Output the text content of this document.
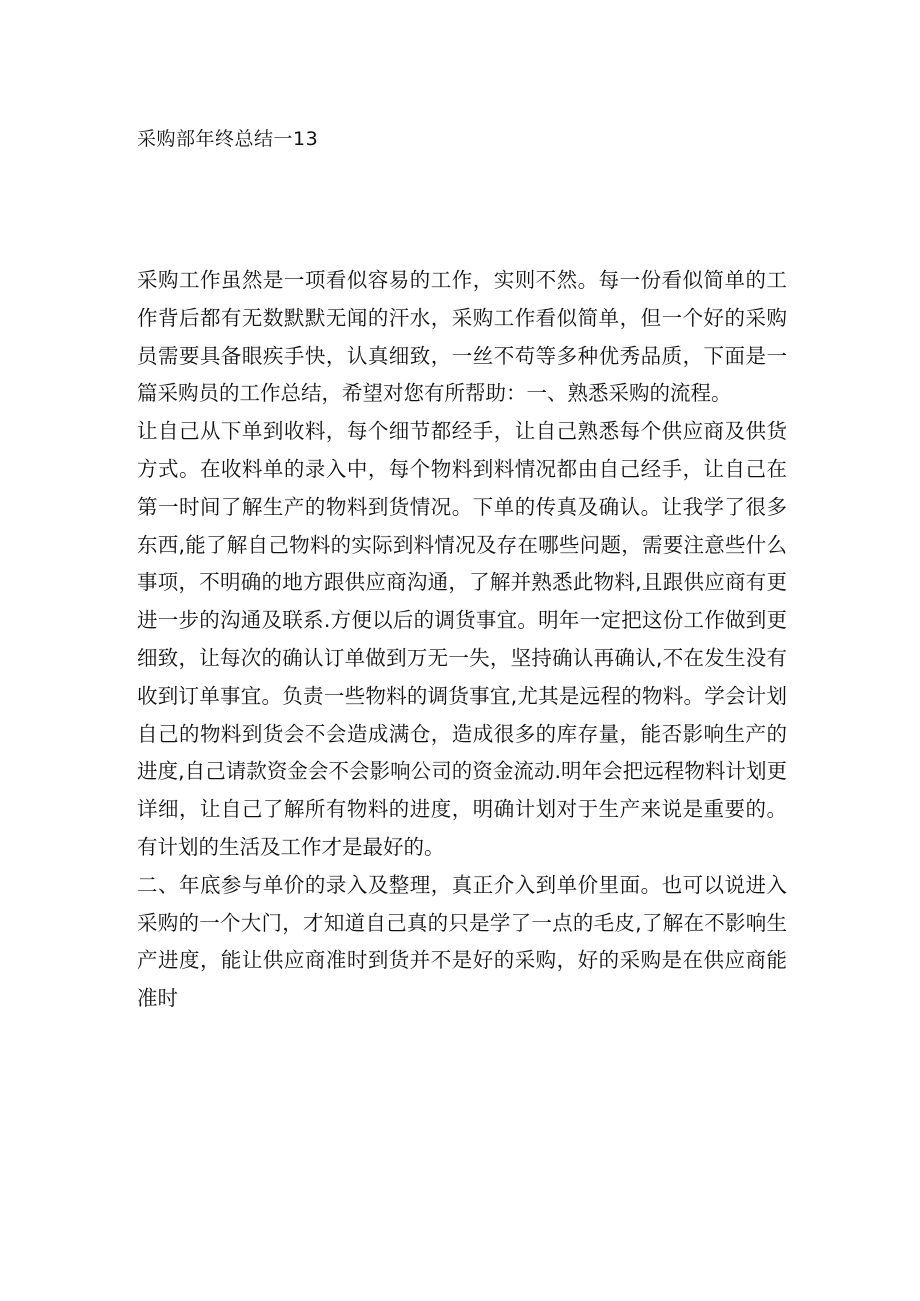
采购部年终总结一13

采购工作虽然是一项看似容易的工作，实则不然。每一份看似简单的工作背后都有无数默默无闻的汗水，采购工作看似简单，但一个好的采购员需要具备眼疾手快，认真细致，一丝不苟等多种优秀品质，下面是一篇采购员的工作总结，希望对您有所帮助：一、熟悉采购的流程。

让自己从下单到收料，每个细节都经手，让自己熟悉每个供应商及供货方式。在收料单的录入中，每个物料到料情况都由自己经手，让自己在第一时间了解生产的物料到货情况。下单的传真及确认。让我学了很多东西,能了解自己物料的实际到料情况及存在哪些问题，需要注意些什么事项，不明确的地方跟供应商沟通，了解并熟悉此物料,且跟供应商有更进一步的沟通及联系.方便以后的调货事宜。明年一定把这份工作做到更细致，让每次的确认订单做到万无一失，坚持确认再确认,不在发生没有收到订单事宜。负责一些物料的调货事宜,尤其是远程的物料。学会计划自己的物料到货会不会造成满仓，造成很多的库存量，能否影响生产的进度,自己请款资金会不会影响公司的资金流动.明年会把远程物料计划更详细，让自己了解所有物料的进度，明确计划对于生产来说是重要的。有计划的生活及工作才是最好的。

二、年底参与单价的录入及整理，真正介入到单价里面。也可以说进入采购的一个大门，才知道自己真的只是学了一点的毛皮,了解在不影响生产进度，能让供应商准时到货并不是好的采购，好的采购是在供应商能准时
